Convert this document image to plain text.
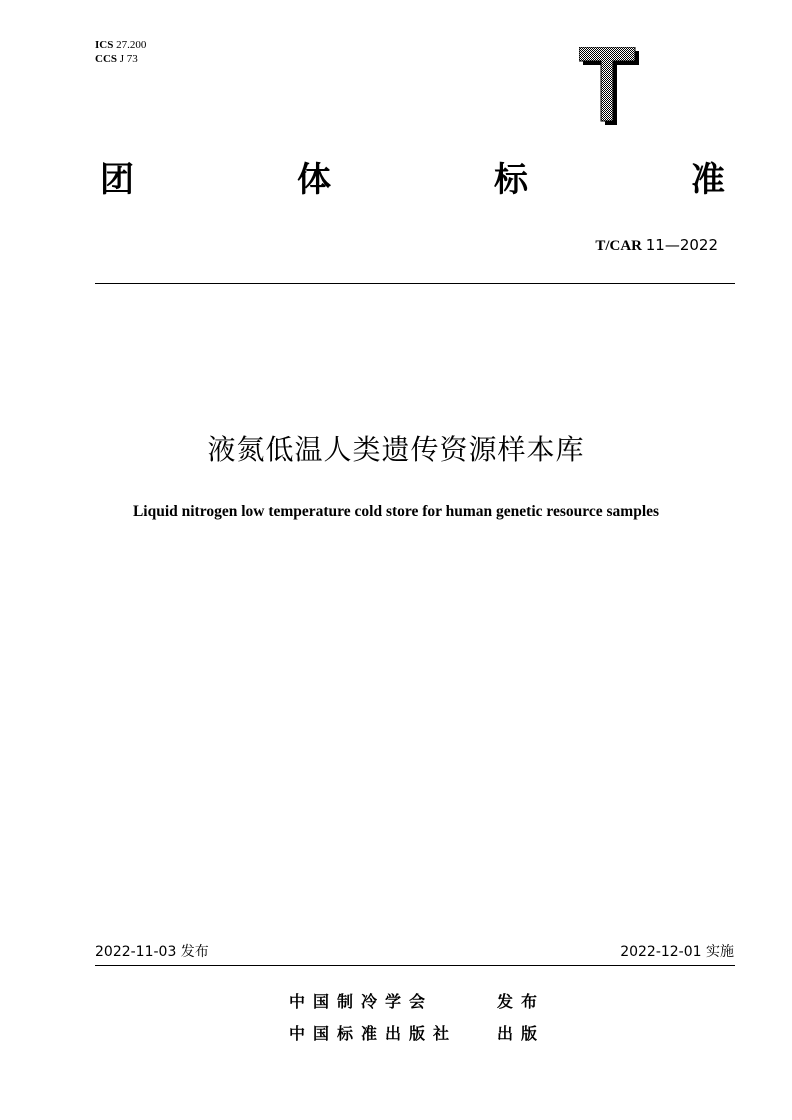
ICS 27.200
CCS J 73
团	体	标	准
T/CAR 11—2022
液氮低温人类遗传资源样本库
Liquid nitrogen low temperature cold store for human genetic resource samples
2022-11-03 发布	2022-12-01 实施
中国制冷学会	发布
中国标准出版社 出版
